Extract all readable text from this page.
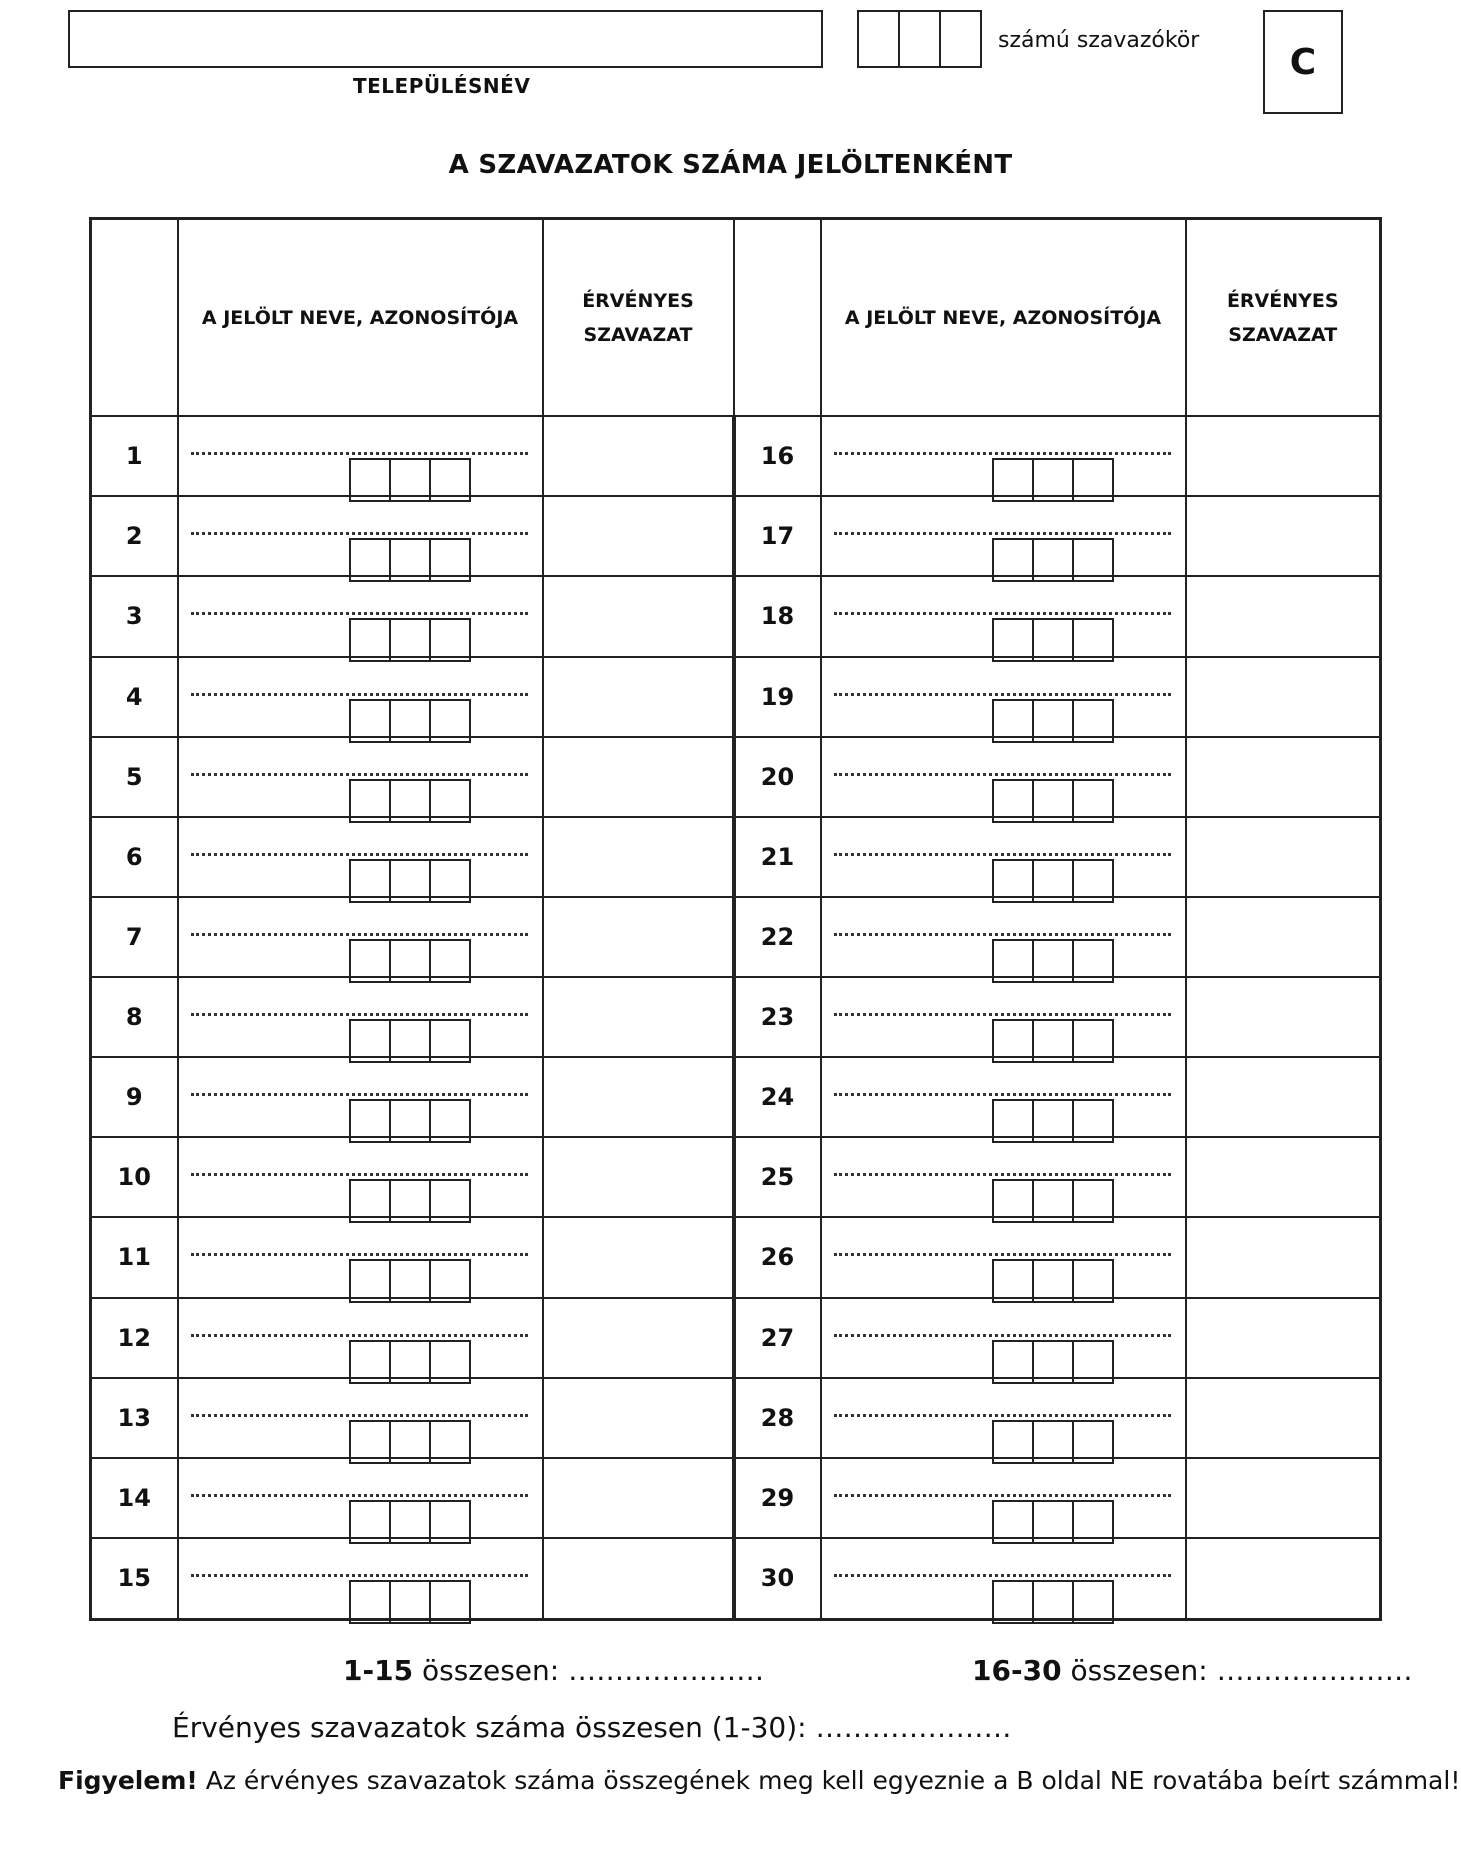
TELEPÜLÉSNÉV
számú szavazókör
C
A SZAVAZATOK SZÁMA JELÖLTENKÉNT
	A JELÖLT NEVE, AZONOSÍTÓJA	ÉRVÉNYES
SZAVAZAT		A JELÖLT NEVE, AZONOSÍTÓJA	ÉRVÉNYES
SZAVAZAT
1			16	

2			17	

3			18	

4			19	

5			20	

6			21	

7			22	

8			23	

9			24	

10			25	

11			26	

12			27	

13			28	

14			29	

15			30	

1-15 összesen: …………………	16-30 összesen: …………………
Érvényes szavazatok száma összesen (1-30): …………………
Figyelem! Az érvényes szavazatok száma összegének meg kell egyeznie a B oldal NE rovatába beírt számmal!
